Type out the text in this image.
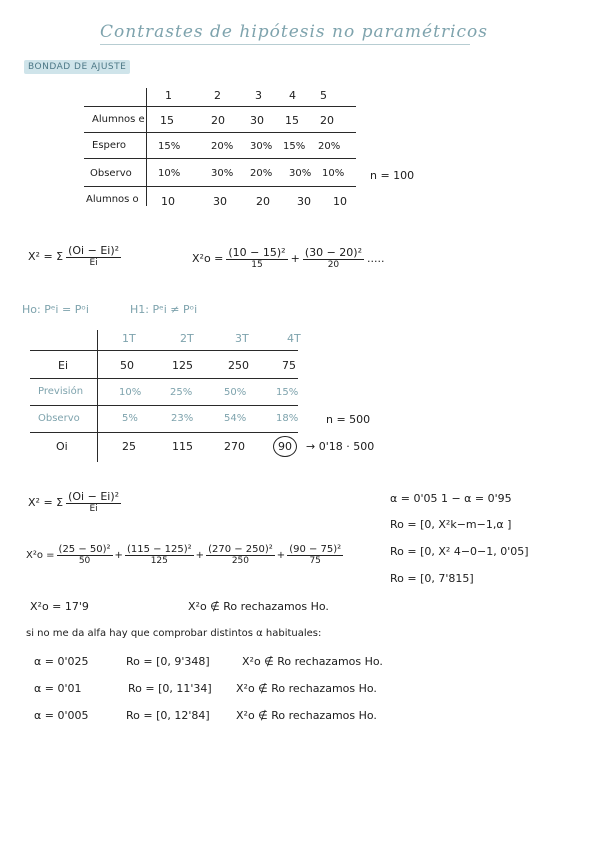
Contrastes de hipótesis no paramétricos
BONDAD DE AJUSTE
1	2	3 4 5
Alumnos e 15	20 30 15 20
Espero	15%	20% 30% 15% 20%
Observo	10%	30% 20% 30% 10% n = 100
Alumnos o 10	30	20 30 10
X² = Σ $\frac{\text{(Oi − Ei)²}}{Ei}$	$X^2o = \frac{\text{(10 − 15)²}}{15} + \frac{\text{(30 − 20)²}}{20}$ .....
Ho: Pᵉi = Pᵒi	H1: Pᵉi ≠ Pᵒi
1T	2T	3T	4T
Ei	50	125	250	75
Previsión	10%	25%	50%	15%
Observo	5%	23%	54%	18%	n = 500
Oi	25	115	270	90	→ 0'18 · 500
X² = Σ $\frac{\text{(Oi − Ei)²}}{Ei}$
$X^2o = \frac{\text{(25 − 50)²}}{50} + \frac{\text{(115 − 125)²}}{125} + \frac{\text{(270 − 250)²}}{250} + \frac{\text{(90 − 75)²}}{75}$
α = 0'05 1 − α = 0'95
Ro = [0, X²k−m−1,α ]
Ro = [0, X² 4−0−1, 0'05]
Ro = [0, 7'815]
X²o = 17'9	X²o ∉ Ro rechazamos Ho.
si no me da alfa hay que comprobar distintos α habituales:
α = 0'025	Ro = [0, 9'348]	X²o ∉ Ro rechazamos Ho.
α = 0'01	Ro = [0, 11'34] X²o ∉ Ro rechazamos Ho.
α = 0'005	Ro = [0, 12'84] X²o ∉ Ro rechazamos Ho.
